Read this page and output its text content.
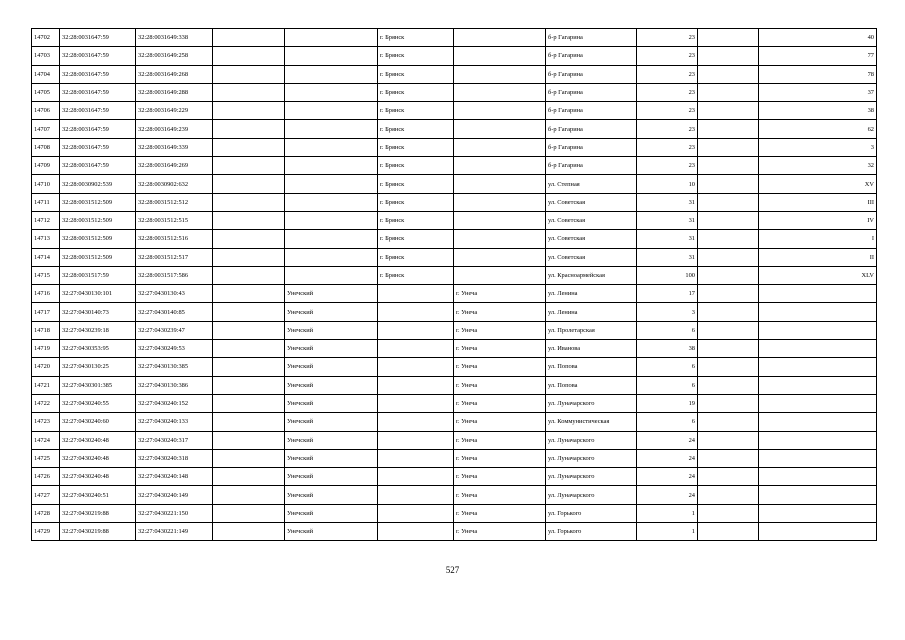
14702	32:28:0031647:59	32:28:0031649:338			г. Брянск		б-р Гагарина	23		40
14703	32:28:0031647:59	32:28:0031649:258			г. Брянск		б-р Гагарина	23		77
14704	32:28:0031647:59	32:28:0031649:268			г. Брянск		б-р Гагарина	23		78
14705	32:28:0031647:59	32:28:0031649:288			г. Брянск		б-р Гагарина	23		37
14706	32:28:0031647:59	32:28:0031649:229			г. Брянск		б-р Гагарина	23		38
14707	32:28:0031647:59	32:28:0031649:239			г. Брянск		б-р Гагарина	23		62
14708	32:28:0031647:59	32:28:0031649:339			г. Брянск		б-р Гагарина	23		3
14709	32:28:0031647:59	32:28:0031649:269			г. Брянск		б-р Гагарина	23		32
14710	32:28:0030902:539	32:28:0030902:632			г. Брянск		ул. Степная	10		XV
14711	32:28:0031512:509	32:28:0031512:512			г. Брянск		ул. Советская	31		III
14712	32:28:0031512:509	32:28:0031512:515			г. Брянск		ул. Советская	31		IV
14713	32:28:0031512:509	32:28:0031512:516			г. Брянск		ул. Советская	31		I
14714	32:28:0031512:509	32:28:0031512:517			г. Брянск		ул. Советская	31		II
14715	32:28:0031517:59	32:28:0031517:586			г. Брянск		ул. Красноармейская	100		XLV
14716	32:27:0430130:101	32:27:0430130:43		Унечский		г. Унеча	ул. Ленина	17		
14717	32:27:0430140:73	32:27:0430140:85		Унечский		г. Унеча	ул. Ленина	3		
14718	32:27:0430239:18	32:27:0430239:47		Унечский		г. Унеча	ул. Пролетарская	6		
14719	32:27:0430353:95	32:27:0430249:53		Унечский		г. Унеча	ул. Иванова	38		
14720	32:27:0430130:25	32:27:0430130:385		Унечский		г. Унеча	ул. Попова	6		
14721	32:27:0430301:385	32:27:0430130:386		Унечский		г. Унеча	ул. Попова	6		
14722	32:27:0430240:55	32:27:0430240:152		Унечский		г. Унеча	ул. Луначарского	19		
14723	32:27:0430240:60	32:27:0430240:133		Унечский		г. Унеча	ул. Коммунистическая	6		
14724	32:27:0430240:48	32:27:0430240:317		Унечский		г. Унеча	ул. Луначарского	24		
14725	32:27:0430240:48	32:27:0430240:318		Унечский		г. Унеча	ул. Луначарского	24		
14726	32:27:0430240:48	32:27:0430240:148		Унечский		г. Унеча	ул. Луначарского	24		
14727	32:27:0430240:51	32:27:0430240:149		Унечский		г. Унеча	ул. Луначарского	24		
14728	32:27:0430219:88	32:27:0430221:150		Унечский		г. Унеча	ул. Горького	1		
14729	32:27:0430219:88	32:27:0430221:149		Унечский		г. Унеча	ул. Горького	1		
527
